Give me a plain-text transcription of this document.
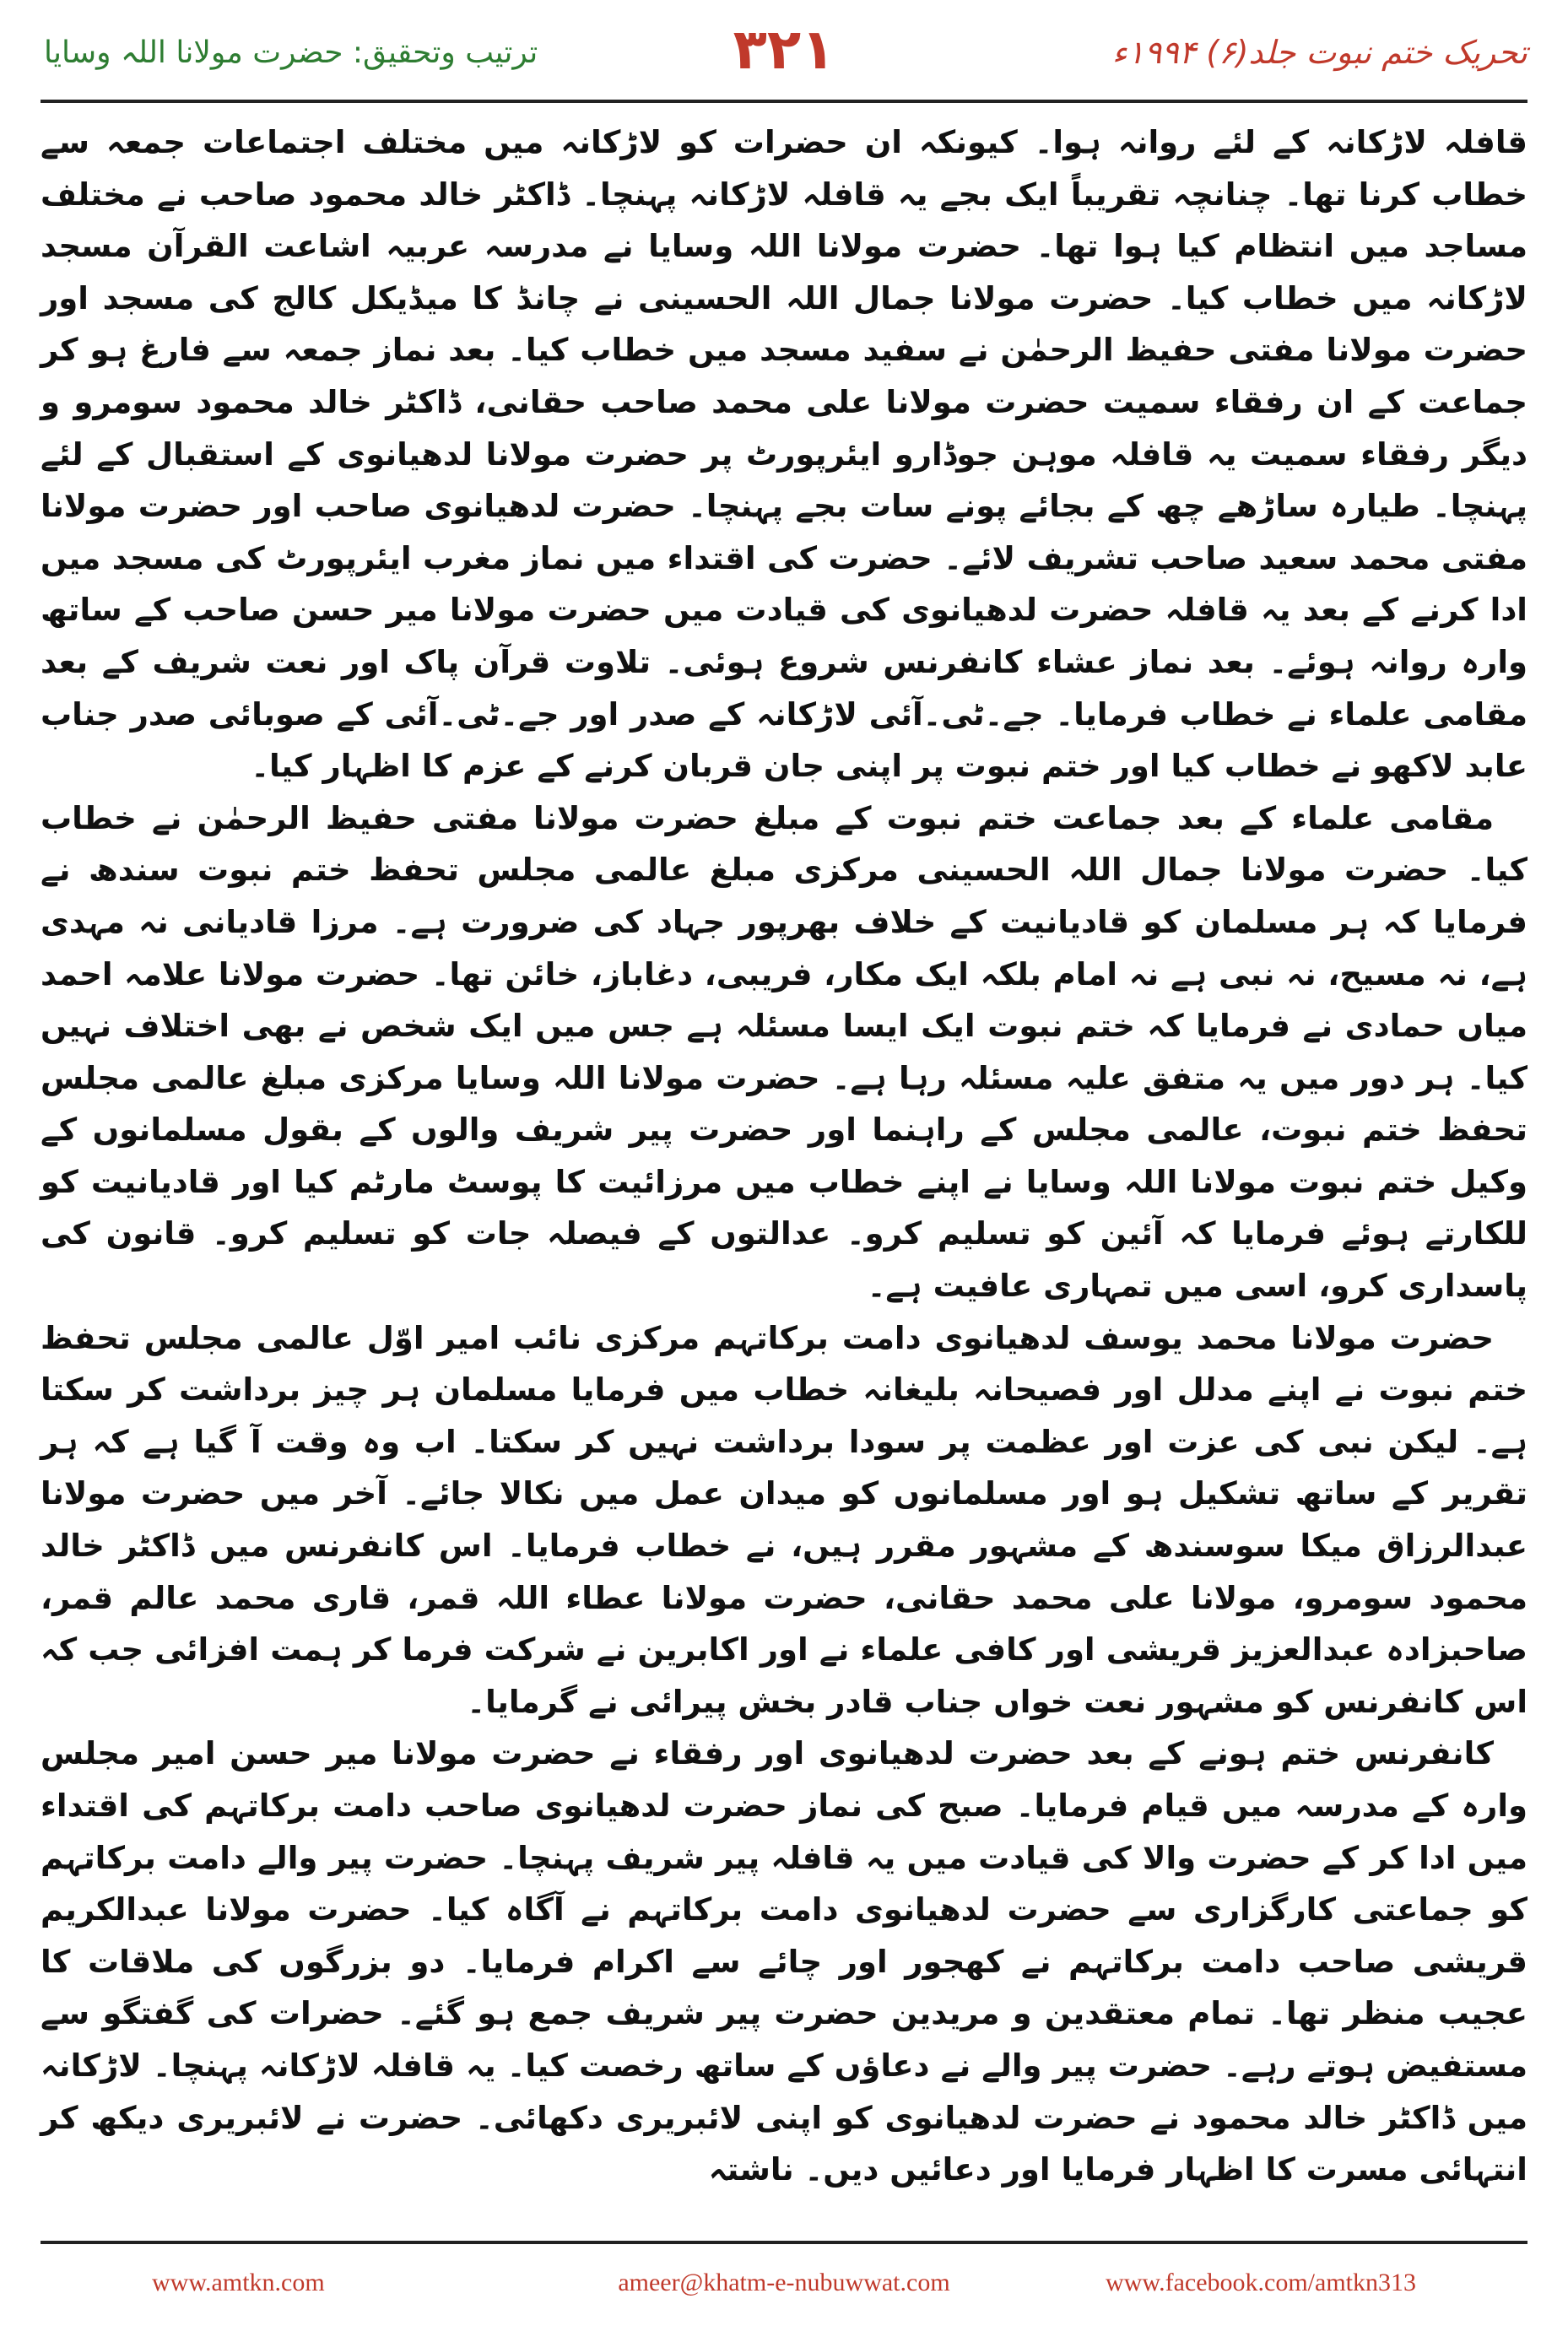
تحریک ختم نبوت جلد(۶) ۱۹۹۴ء
۳۲۱
ترتیب وتحقیق: حضرت مولانا اللہ وسایا

قافلہ لاڑکانہ کے لئے روانہ ہوا۔ کیونکہ ان حضرات کو لاڑکانہ میں مختلف اجتماعات جمعہ سے خطاب کرنا تھا۔ چنانچہ تقریباً ایک بجے یہ قافلہ لاڑکانہ پہنچا۔ ڈاکٹر خالد محمود صاحب نے مختلف مساجد میں انتظام کیا ہوا تھا۔ حضرت مولانا اللہ وسایا نے مدرسہ عربیہ اشاعت القرآن مسجد لاڑکانہ میں خطاب کیا۔ حضرت مولانا جمال اللہ الحسینی نے چانڈ کا میڈیکل کالج کی مسجد اور حضرت مولانا مفتی حفیظ الرحمٰن نے سفید مسجد میں خطاب کیا۔ بعد نماز جمعہ سے فارغ ہو کر جماعت کے ان رفقاء سمیت حضرت مولانا علی محمد صاحب حقانی، ڈاکٹر خالد محمود سومرو و دیگر رفقاء سمیت یہ قافلہ موہن جوڈارو ایئرپورٹ پر حضرت مولانا لدھیانوی کے استقبال کے لئے پہنچا۔ طیارہ ساڑھے چھ کے بجائے پونے سات بجے پہنچا۔ حضرت لدھیانوی صاحب اور حضرت مولانا مفتی محمد سعید صاحب تشریف لائے۔ حضرت کی اقتداء میں نماز مغرب ایئرپورٹ کی مسجد میں ادا کرنے کے بعد یہ قافلہ حضرت لدھیانوی کی قیادت میں حضرت مولانا میر حسن صاحب کے ساتھ وارہ روانہ ہوئے۔ بعد نماز عشاء کانفرنس شروع ہوئی۔ تلاوت قرآن پاک اور نعت شریف کے بعد مقامی علماء نے خطاب فرمایا۔ جے۔ٹی۔آئی لاڑکانہ کے صدر اور جے۔ٹی۔آئی کے صوبائی صدر جناب عابد لاکھو نے خطاب کیا اور ختم نبوت پر اپنی جان قربان کرنے کے عزم کا اظہار کیا۔

مقامی علماء کے بعد جماعت ختم نبوت کے مبلغ حضرت مولانا مفتی حفیظ الرحمٰن نے خطاب کیا۔ حضرت مولانا جمال اللہ الحسینی مرکزی مبلغ عالمی مجلس تحفظ ختم نبوت سندھ نے فرمایا کہ ہر مسلمان کو قادیانیت کے خلاف بھرپور جہاد کی ضرورت ہے۔ مرزا قادیانی نہ مہدی ہے، نہ مسیح، نہ نبی ہے نہ امام بلکہ ایک مکار، فریبی، دغاباز، خائن تھا۔ حضرت مولانا علامہ احمد میاں حمادی نے فرمایا کہ ختم نبوت ایک ایسا مسئلہ ہے جس میں ایک شخص نے بھی اختلاف نہیں کیا۔ ہر دور میں یہ متفق علیہ مسئلہ رہا ہے۔ حضرت مولانا اللہ وسایا مرکزی مبلغ عالمی مجلس تحفظ ختم نبوت، عالمی مجلس کے راہنما اور حضرت پیر شریف والوں کے بقول مسلمانوں کے وکیل ختم نبوت مولانا اللہ وسایا نے اپنے خطاب میں مرزائیت کا پوسٹ مارٹم کیا اور قادیانیت کو للکارتے ہوئے فرمایا کہ آئین کو تسلیم کرو۔ عدالتوں کے فیصلہ جات کو تسلیم کرو۔ قانون کی پاسداری کرو، اسی میں تمہاری عافیت ہے۔

حضرت مولانا محمد یوسف لدھیانوی دامت برکاتہم مرکزی نائب امیر اوّل عالمی مجلس تحفظ ختم نبوت نے اپنے مدلل اور فصیحانہ بلیغانہ خطاب میں فرمایا مسلمان ہر چیز برداشت کر سکتا ہے۔ لیکن نبی کی عزت اور عظمت پر سودا برداشت نہیں کر سکتا۔ اب وہ وقت آ گیا ہے کہ ہر تقریر کے ساتھ تشکیل ہو اور مسلمانوں کو میدان عمل میں نکالا جائے۔ آخر میں حضرت مولانا عبدالرزاق میکا سوسندھ کے مشہور مقرر ہیں، نے خطاب فرمایا۔ اس کانفرنس میں ڈاکٹر خالد محمود سومرو، مولانا علی محمد حقانی، حضرت مولانا عطاء اللہ قمر، قاری محمد عالم قمر، صاحبزادہ عبدالعزیز قریشی اور کافی علماء نے اور اکابرین نے شرکت فرما کر ہمت افزائی جب کہ اس کانفرنس کو مشہور نعت خواں جناب قادر بخش پیرائی نے گرمایا۔

کانفرنس ختم ہونے کے بعد حضرت لدھیانوی اور رفقاء نے حضرت مولانا میر حسن امیر مجلس وارہ کے مدرسہ میں قیام فرمایا۔ صبح کی نماز حضرت لدھیانوی صاحب دامت برکاتہم کی اقتداء میں ادا کر کے حضرت والا کی قیادت میں یہ قافلہ پیر شریف پہنچا۔ حضرت پیر والے دامت برکاتہم کو جماعتی کارگزاری سے حضرت لدھیانوی دامت برکاتہم نے آگاہ کیا۔ حضرت مولانا عبدالکریم قریشی صاحب دامت برکاتہم نے کھجور اور چائے سے اکرام فرمایا۔ دو بزرگوں کی ملاقات کا عجیب منظر تھا۔ تمام معتقدین و مریدین حضرت پیر شریف جمع ہو گئے۔ حضرات کی گفتگو سے مستفیض ہوتے رہے۔ حضرت پیر والے نے دعاؤں کے ساتھ رخصت کیا۔ یہ قافلہ لاڑکانہ پہنچا۔ لاڑکانہ میں ڈاکٹر خالد محمود نے حضرت لدھیانوی کو اپنی لائبریری دکھائی۔ حضرت نے لائبریری دیکھ کر انتہائی مسرت کا اظہار فرمایا اور دعائیں دیں۔ ناشتہ

www.amtkn.com	ameer@khatm-e-nubuwwat.com	www.facebook.com/amtkn313
